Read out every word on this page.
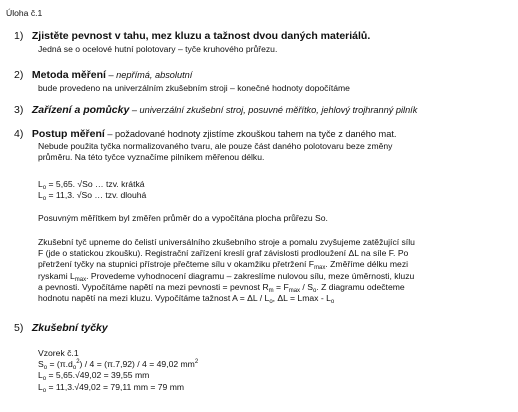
Úloha č.1
1) Zjistěte pevnost v tahu, mez kluzu a tažnost dvou daných materiálů.
Jedná se o ocelové hutní polotovary – tyče kruhového průřezu.
2) Metoda měření – nepřímá, absolutní
bude provedeno na univerzálním zkušebním stroji – konečné hodnoty dopočítáme
3) Zařízení a pomůcky – univerzální zkušební stroj, posuvné měřítko, jehlový trojhranný pilník
4) Postup měření – požadované hodnoty zjistíme zkouškou tahem na tyče z daného mat.
Nebude použita tyčka normalizovaného tvaru, ale pouze část daného polotovaru beze změny
průměru. Na této tyčce vyznačíme pilníkem měřenou délku.
$L_o = 5,65$. √So … tzv. krátká
$L_o = 11,3$. √So … tzv. dlouhá
Posuvným měřítkem byl změřen průměr do a vypočítána plocha průřezu So.
Zkušební tyč upneme do čelistí universálního zkušebního stroje a pomalu zvyšujeme zatěžující sílu
F (jde o statickou zkoušku). Registrační zařízení kreslí graf závislosti prodloužení ΔL na síle F. Po
přetržení tyčky na stupnici přístroje přečteme sílu v okamžiku přetržení $F_{max}$. Změříme délku mezi
ryskami $L_{max}$. Provedeme vyhodnocení diagramu – zakreslíme nulovou sílu, meze úměrnosti, kluzu
a pevnosti. Vypočítáme napětí na mezi pevnosti = pevnost $R_m = F_{max} / S_o$. Z diagramu odečteme
hodnotu napětí na mezi kluzu. Vypočítáme tažnost $A = \Delta L / L_o$, $\Delta L = Lmax - L_o$
5) Zkušební tyčky
Vzorek č.1
$S_o = (\pi.d_o^2) / 4 = (\pi.7,92) / 4 = 49,02$ $mm^2$
$L_o = 5,65.√49,02 = 39,55$ mm
$L_o = 11,3.√49,02 = 79,11$ mm = 79 mm
